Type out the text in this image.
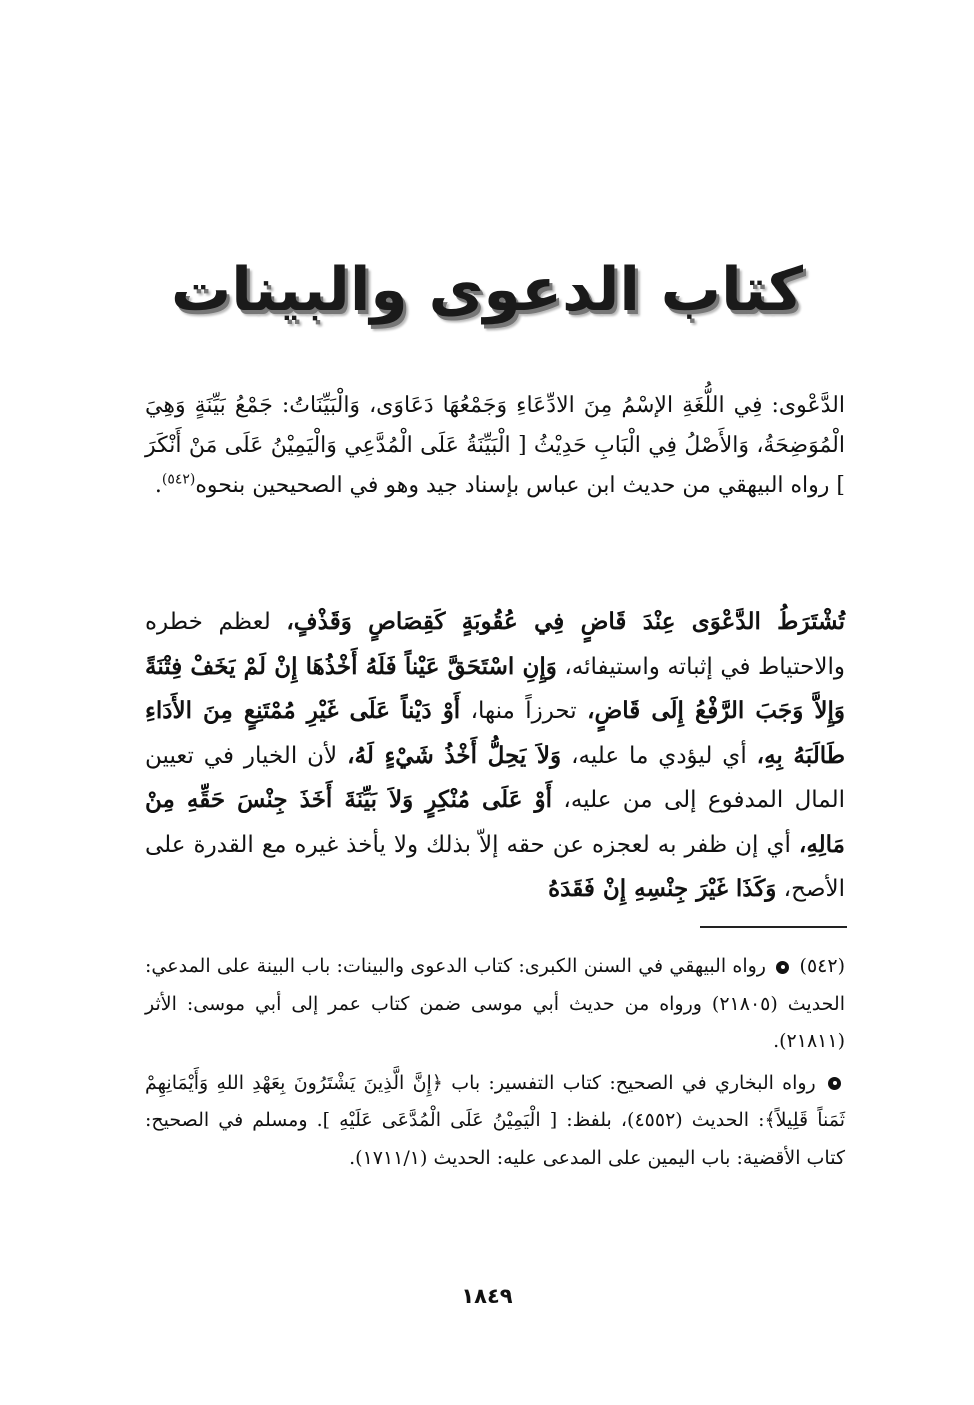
كتاب الدعوى والبينات

الدَّعْوى: فِي اللُّغَةِ الإسْمُ مِنَ الادِّعَاءِ وَجَمْعُهَا دَعَاوَى، وَالْبَيِّنَاتُ: جَمْعُ بَيِّنَةٍ وَهِيَ الْمُوَضِحَةُ، وَالأَصْلُ فِي الْبَابِ حَدِيْثُ [ الْبَيِّنَةُ عَلَى الْمُدَّعِي وَالْيَمِيْنُ عَلَى مَنْ أَنْكَرَ ] رواه البيهقي من حديث ابن عباس بإسناد جيد وهو في الصحيحين بنحوه$^{(٥٤٢)}$.

تُشْتَرَطُ الدَّعْوَى عِنْدَ قَاضٍ فِي عُقُوبَةٍ كَقِصَاصٍ وَقَذْفٍ، لعظم خطره والاحتياط في إثباته واستيفائه، وَإِنِ اسْتَحَقَّ عَيْناً فَلَهُ أَخْذُهَا إِنْ لَمْ يَخَفْ فِتْنَةً وَإِلاَّ وَجَبَ الرَّفْعُ إِلَى قَاضٍ، تحرزاً منها، أَوْ دَيْناً عَلَى غَيْرِ مُمْتَنِعٍ مِنَ الأَدَاءِ طَالَبَهُ بِهِ، أي ليؤدي ما عليه، وَلاَ يَحِلُّ أَخْذُ شَيْءٍ لَهُ، لأن الخيار في تعيين المال المدفوع إلى من عليه، أَوْ عَلَى مُنْكِرٍ وَلاَ بَيِّنَةَ أَخَذَ جِنْسَ حَقِّهِ مِنْ مَالِهِ، أي إن ظفر به لعجزه عن حقه إلاّ بذلك ولا يأخذ غيره مع القدرة على الأصح، وَكَذَا غَيْرَ جِنْسِهِ إِنْ فَقَدَهُ

(٥٤٢)  رواه البيهقي في السنن الكبرى: كتاب الدعوى والبينات: باب البينة على المدعي: الحديث (٢١٨٠٥) ورواه من حديث أبي موسى ضمن كتاب عمر إلى أبي موسى: الأثر (٢١٨١١).

رواه البخاري في الصحيح: كتاب التفسير: باب ﴿إِنَّ الَّذِينَ يَشْتَرُونَ بِعَهْدِ اللهِ وَأَيْمَانِهِمْ ثَمَناً قَلِيلاً﴾: الحديث (٤٥٥٢)، بلفظ: [ الْيَمِيْنُ عَلَى الْمُدَّعَى عَلَيْهِ ]. ومسلم في الصحيح: كتاب الأقضية: باب اليمين على المدعى عليه: الحديث (١٧١١/١).

١٨٤٩
